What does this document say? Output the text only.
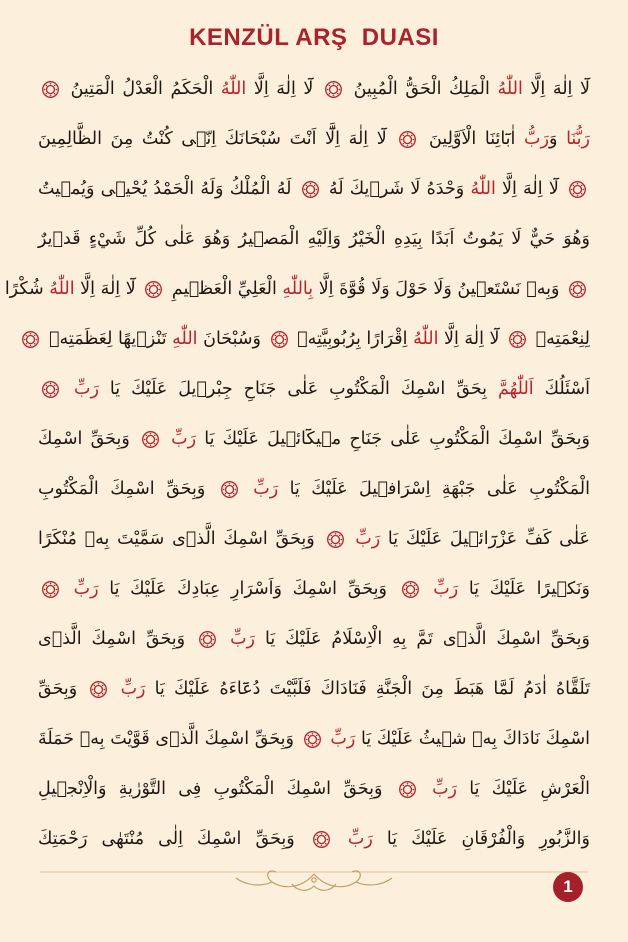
KENZÜL ARŞ  DUASI
لَٓا اِلٰهَ اِلَّا اللّٰهُ الْمَلِكُ الْحَقُّ الْمُبِينُ  لَٓا اِلٰهَ اِلَّا اللّٰهُ الْحَكَمُ الْعَدْلُ الْمَتِينُ
رَبُّنَا وَرَبُّ اٰبَٓائِنَا الْاَوَّلِينَ  لَٓا اِلٰهَ اِلَّٓا اَنْتَ سُبْحَانَكَ اِنّ۪ى كُنْتُ مِنَ الظَّالِمِينَ
لَٓا اِلٰهَ اِلَّا اللّٰهُ وَحْدَهُ لَا شَر۪يكَ لَهُ  لَهُ الْمُلْكُ وَلَهُ الْحَمْدُ يُحْي۪ى وَيُم۪يتُ
وَهُوَ حَيٌّ لَا يَمُوتُ اَبَدًا بِيَدِهِ الْخَيْرُ وَاِلَيْهِ الْمَص۪يرُ وَهُوَ عَلٰى كُلِّ شَيْءٍ قَد۪يرٌ
وَبِه۪ نَسْتَع۪ينُ وَلَا حَوْلَ وَلَا قُوَّةَ اِلَّا بِاللّٰهِ الْعَلِيِّ الْعَظ۪يمِ  لَٓا اِلٰهَ اِلَّا اللّٰهُ شُكْرًا
لِنِعْمَتِه۪  لَٓا اِلٰهَ اِلَّا اللّٰهُ اِقْرَارًا بِرُبُوبِيَّتِه۪  وَسُبْحَانَ اللّٰهِ تَنْز۪يهًا لِعَظَمَتِه۪
اَسْئَلُكَ اَللّٰهُمَّ بِحَقِّ اسْمِكَ الْمَكْتُوبِ عَلٰى جَنَاحِ جِبْر۪يلَ عَلَيْكَ يَا رَبِّ
وَبِحَقِّ اسْمِكَ الْمَكْتُوبِ عَلٰى جَنَاحِ م۪يكَٓائ۪يلَ عَلَيْكَ يَا رَبِّ  وَبِحَقِّ اسْمِكَ
الْمَكْتُوبِ عَلٰى جَبْهَةِ اِسْرَاف۪يلَ عَلَيْكَ يَا رَبِّ  وَبِحَقِّ اسْمِكَ الْمَكْتُوبِ
عَلٰى كَفِّ عَزْرَٓائ۪يلَ عَلَيْكَ يَا رَبِّ  وَبِحَقِّ اسْمِكَ الَّذ۪ى سَمَّيْتَ بِه۪ مُنْكَرًا
وَنَك۪يرًا عَلَيْكَ يَا رَبِّ  وَبِحَقِّ اسْمِكَ وَاَسْرَارِ عِبَادِكَ عَلَيْكَ يَا رَبِّ
وَبِحَقِّ اسْمِكَ الَّذ۪ى تَمَّ بِهِ الْاِسْلَامُ عَلَيْكَ يَا رَبِّ  وَبِحَقِّ اسْمِكَ الَّذ۪ى
تَلَقَّاهُ اٰدَمُ لَمَّا هَبَطَ مِنَ الْجَنَّةِ فَنَادَاكَ فَلَبَّيْتَ دُعَٓاءَهُ عَلَيْكَ يَا رَبِّ  وَبِحَقِّ
اسْمِكَ نَادَاكَ بِه۪ ش۪يثُ عَلَيْكَ يَا رَبِّ  وَبِحَقِّ اسْمِكَ الَّذ۪ى قَوَّيْتَ بِه۪ حَمَلَةَ
الْعَرْشِ عَلَيْكَ يَا رَبِّ  وَبِحَقِّ اسْمِكَ الْمَكْتُوبِ فِى التَّوْرٰيةِ وَالْاِنْج۪يلِ
وَالزَّبُورِ وَالْفُرْقَانِ عَلَيْكَ يَا رَبِّ  وَبِحَقِّ اسْمِكَ اِلٰى مُنْتَهٰى رَحْمَتِكَ
1
